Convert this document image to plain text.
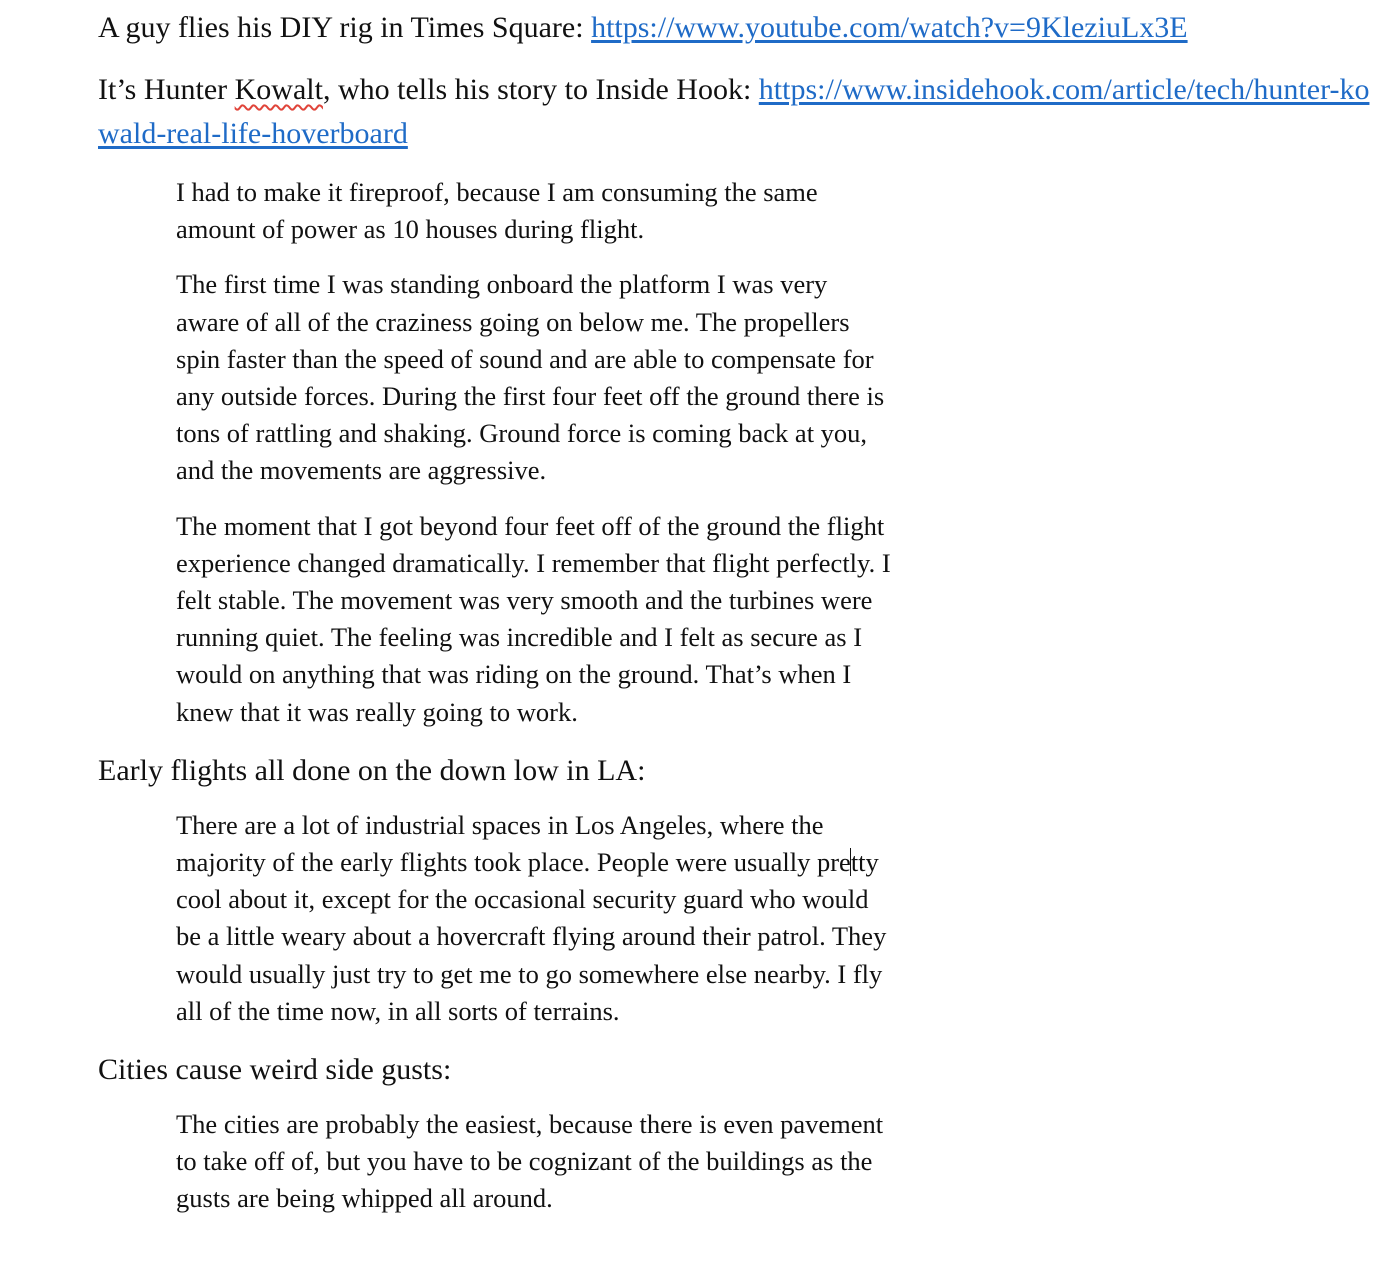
A guy flies his DIY rig in Times Square: https://www.youtube.com/watch?v=9KleziuLx3E

It’s Hunter Kowalt, who tells his story to Inside Hook: https://www.insidehook.com/article/tech/hunter-kowald-real-life-hoverboard

I had to make it fireproof, because I am consuming the same amount of power as 10 houses during flight.

The first time I was standing onboard the platform I was very aware of all of the craziness going on below me. The propellers spin faster than the speed of sound and are able to compensate for any outside forces. During the first four feet off the ground there is tons of rattling and shaking. Ground force is coming back at you, and the movements are aggressive.

The moment that I got beyond four feet off of the ground the flight experience changed dramatically. I remember that flight perfectly. I felt stable. The movement was very smooth and the turbines were running quiet. The feeling was incredible and I felt as secure as I would on anything that was riding on the ground. That’s when I knew that it was really going to work.

Early flights all done on the down low in LA:

There are a lot of industrial spaces in Los Angeles, where the majority of the early flights took place. People were usually pretty cool about it, except for the occasional security guard who would be a little weary about a hovercraft flying around their patrol. They would usually just try to get me to go somewhere else nearby. I fly all of the time now, in all sorts of terrains.

Cities cause weird side gusts:

The cities are probably the easiest, because there is even pavement to take off of, but you have to be cognizant of the buildings as the gusts are being whipped all around.
